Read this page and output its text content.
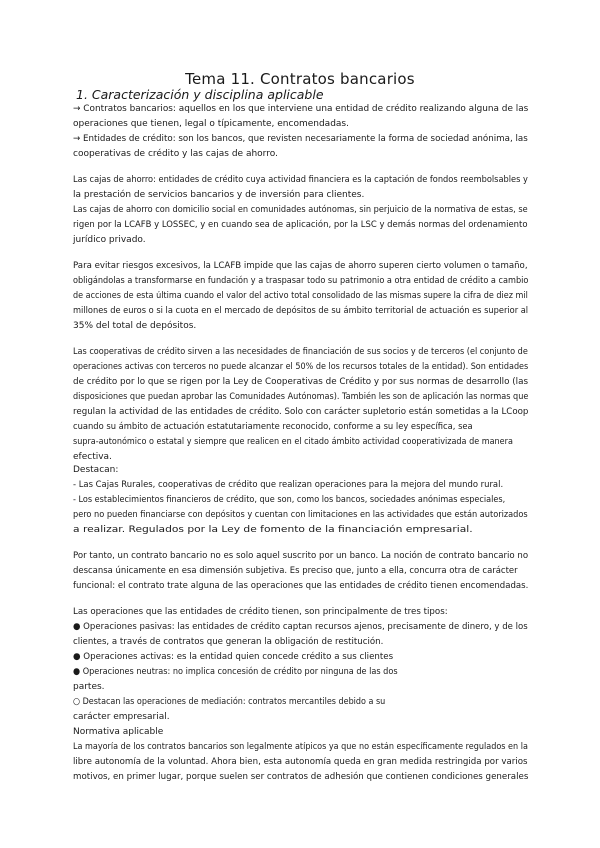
Tema 11. Contratos bancarios
1. Caracterización y disciplina aplicable
→ Contratos bancarios: aquellos en los que interviene una entidad de crédito realizando alguna de las
operaciones que tienen, legal o típicamente, encomendadas.
→ Entidades de crédito: son los bancos, que revisten necesariamente la forma de sociedad anónima, las
cooperativas de crédito y las cajas de ahorro.
Las cajas de ahorro: entidades de crédito cuya actividad financiera es la captación de fondos reembolsables y
la prestación de servicios bancarios y de inversión para clientes.
Las cajas de ahorro con domicilio social en comunidades autónomas, sin perjuicio de la normativa de estas, se
rigen por la LCAFB y LOSSEC, y en cuando sea de aplicación, por la LSC y demás normas del ordenamiento
jurídico privado.
Para evitar riesgos excesivos, la LCAFB impide que las cajas de ahorro superen cierto volumen o tamaño,
obligándolas a transformarse en fundación y a traspasar todo su patrimonio a otra entidad de crédito a cambio
de acciones de esta última cuando el valor del activo total consolidado de las mismas supere la cifra de diez mil
millones de euros o si la cuota en el mercado de depósitos de su ámbito territorial de actuación es superior al
35% del total de depósitos.
Las cooperativas de crédito sirven a las necesidades de financiación de sus socios y de terceros (el conjunto de
operaciones activas con terceros no puede alcanzar el 50% de los recursos totales de la entidad). Son entidades
de crédito por lo que se rigen por la Ley de Cooperativas de Crédito y por sus normas de desarrollo (las
disposiciones que puedan aprobar las Comunidades Autónomas). También les son de aplicación las normas que
regulan la actividad de las entidades de crédito. Solo con carácter supletorio están sometidas a la LCoop
cuando su ámbito de actuación estatutariamente reconocido, conforme a su ley específica, sea
supra-autonómico o estatal y siempre que realicen en el citado ámbito actividad cooperativizada de manera
efectiva.
Destacan:
- Las Cajas Rurales, cooperativas de crédito que realizan operaciones para la mejora del mundo rural.
- Los establecimientos financieros de crédito, que son, como los bancos, sociedades anónimas especiales,
pero no pueden financiarse con depósitos y cuentan con limitaciones en las actividades que están autorizados
a realizar. Regulados por la Ley de fomento de la financiación empresarial.
Por tanto, un contrato bancario no es solo aquel suscrito por un banco. La noción de contrato bancario no
descansa únicamente en esa dimensión subjetiva. Es preciso que, junto a ella, concurra otra de carácter
funcional: el contrato trate alguna de las operaciones que las entidades de crédito tienen encomendadas.
Las operaciones que las entidades de crédito tienen, son principalmente de tres tipos:
● Operaciones pasivas: las entidades de crédito captan recursos ajenos, precisamente de dinero, y de los
clientes, a través de contratos que generan la obligación de restitución.
● Operaciones activas: es la entidad quien concede crédito a sus clientes
● Operaciones neutras: no implica concesión de crédito por ninguna de las dos
partes.
○ Destacan las operaciones de mediación: contratos mercantiles debido a su
carácter empresarial.
Normativa aplicable
La mayoría de los contratos bancarios son legalmente atípicos ya que no están específicamente regulados en la
libre autonomía de la voluntad. Ahora bien, esta autonomía queda en gran medida restringida por varios
motivos, en primer lugar, porque suelen ser contratos de adhesión que contienen condiciones generales
